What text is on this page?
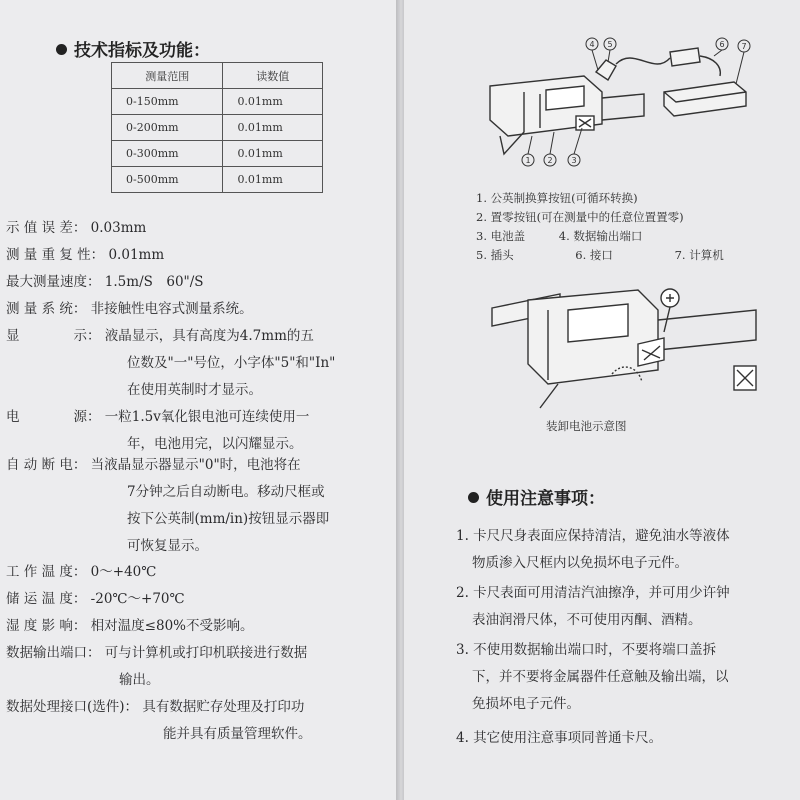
技术指标及功能：
测量范围	读数值
0-150mm	0.01mm
0-200mm	0.01mm
0-300mm	0.01mm
0-500mm	0.01mm
示 值 误 差： 0.03mm
测 量 重 复 性： 0.01mm
最大测量速度： 1.5m/S　60"/S
测 量 系 统： 非接触性电容式测量系统。
显　　　　示： 液晶显示，具有高度为4.7mm的五
位数及"一"号位，小字体"5"和"In"
在使用英制时才显示。
电　　　　源： 一粒1.5v氧化银电池可连续使用一
年，电池用完，以闪耀显示。
自 动 断 电： 当液晶显示器显示"0"时，电池将在
7分钟之后自动断电。移动尺框或
按下公英制(mm/in)按钮显示器即
可恢复显示。
工 作 温 度： 0～+40℃
储 运 温 度： -20℃～+70℃
湿 度 影 响： 相对温度≤80%不受影响。
数据输出端口： 可与计算机或打印机联接进行数据
输出。
数据处理接口(选件)： 具有数据贮存处理及打印功
能并具有质量管理软件。
4 5	6 7
1 2 3
1. 公英制换算按钮(可循环转换)
2. 置零按钮(可在测量中的任意位置置零)
3. 电池盖	4. 数据输出端口
5. 插头	6. 接口	7. 计算机
装卸电池示意图
使用注意事项：
1. 卡尺尺身表面应保持清洁，避免油水等液体
物质渗入尺框内以免损坏电子元件。
2. 卡尺表面可用清洁汽油擦净，并可用少许钟
表油润滑尺体，不可使用丙酮、酒精。
3. 不使用数据输出端口时，不要将端口盖拆
下，并不要将金属器件任意触及输出端，以
免损坏电子元件。
4. 其它使用注意事项同普通卡尺。
